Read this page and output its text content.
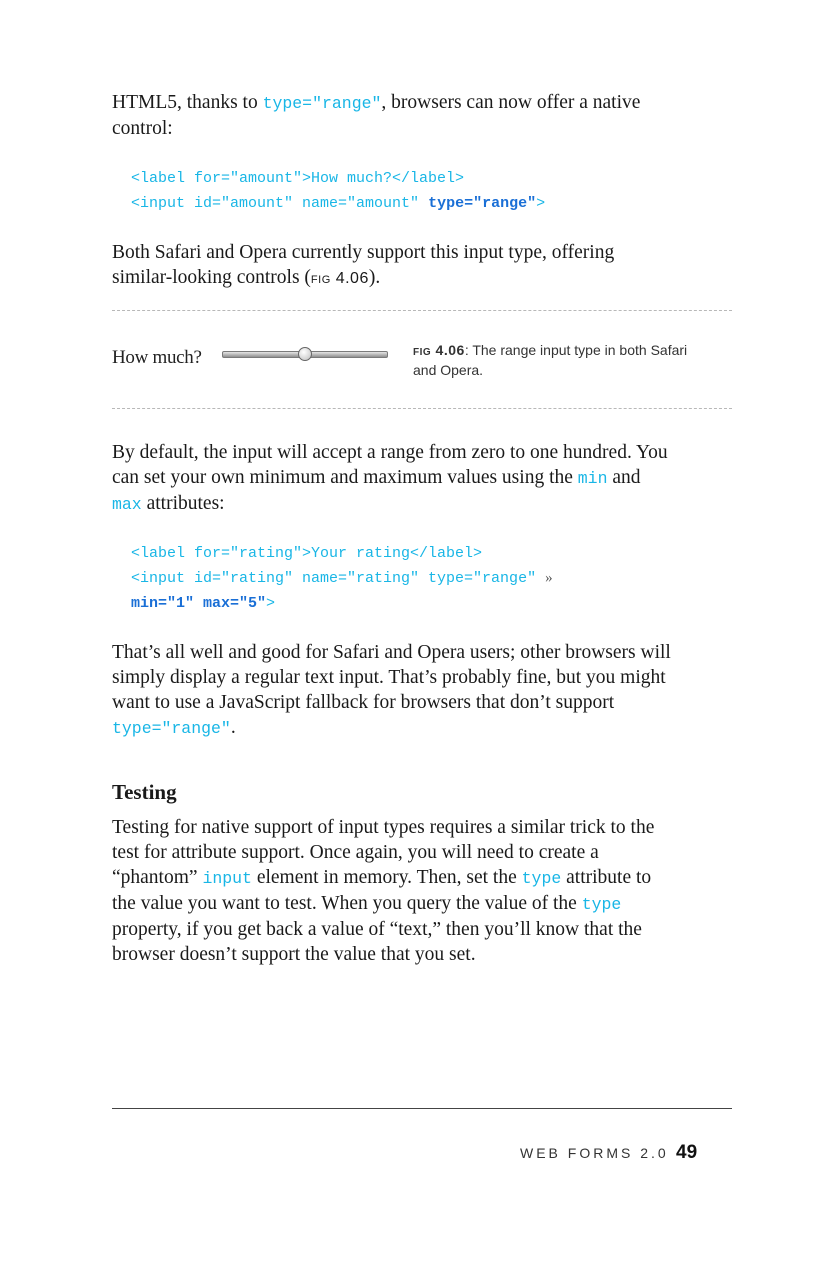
HTML5, thanks to type="range", browsers can now offer a native control:

<label for="amount">How much?</label>
<input id="amount" name="amount" type="range">

Both Safari and Opera currently support this input type, offering similar-looking controls (fig 4.06).

How much?	fig 4.06: The range input type in both Safari and Opera.

By default, the input will accept a range from zero to one hundred. You can set your own minimum and maximum values using the min and max attributes:

<label for="rating">Your rating</label>
<input id="rating" name="rating" type="range" »
min="1" max="5">

That’s all well and good for Safari and Opera users; other browsers will simply display a regular text input. That’s probably fine, but you might want to use a JavaScript fallback for browsers that don’t support type="range".

Testing

Testing for native support of input types requires a similar trick to the test for attribute support. Once again, you will need to create a “phantom” input element in memory. Then, set the type attribute to the value you want to test. When you query the value of the type property, if you get back a value of “text,” then you’ll know that the browser doesn’t support the value that you set.

WEB FORMS 2.0 49
